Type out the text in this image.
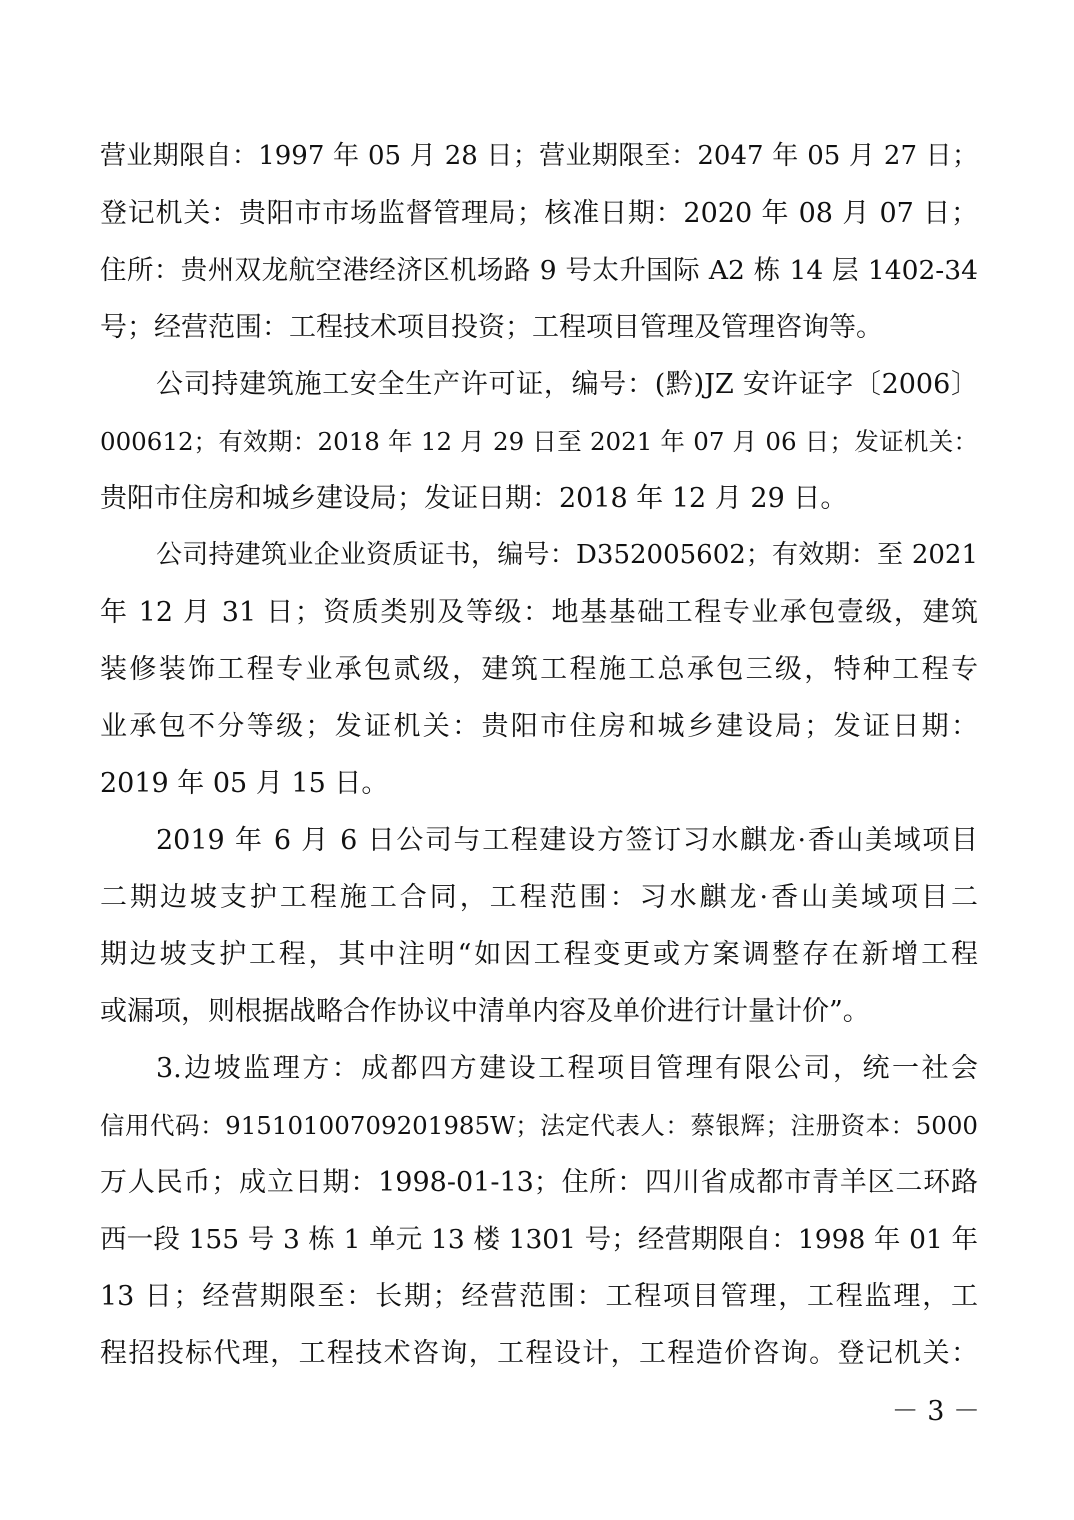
营业期限自：1997 年 05 月 28 日；营业期限至：2047 年 05 月 27 日；
登记机关：贵阳市市场监督管理局；核准日期：2020 年 08 月 07 日；
住所：贵州双龙航空港经济区机场路 9 号太升国际 A2 栋 14 层 1402-34
号；经营范围：工程技术项目投资；工程项目管理及管理咨询等。
公司持建筑施工安全生产许可证，编号：(黔)JZ 安许证字〔2006〕
000612；有效期：2018 年 12 月 29 日至 2021 年 07 月 06 日；发证机关：
贵阳市住房和城乡建设局；发证日期：2018 年 12 月 29 日。
公司持建筑业企业资质证书，编号：D352005602；有效期：至 2021
年 12 月 31 日；资质类别及等级：地基基础工程专业承包壹级，建筑
装修装饰工程专业承包贰级，建筑工程施工总承包三级，特种工程专
业承包不分等级；发证机关：贵阳市住房和城乡建设局；发证日期：
2019 年 05 月 15 日。
2019 年 6 月 6 日公司与工程建设方签订习水麒龙·香山美域项目
二期边坡支护工程施工合同，工程范围：习水麒龙·香山美域项目二
期边坡支护工程，其中注明“如因工程变更或方案调整存在新增工程
或漏项，则根据战略合作协议中清单内容及单价进行计量计价”。
3.边坡监理方：成都四方建设工程项目管理有限公司，统一社会
信用代码：91510100709201985W；法定代表人：蔡银辉；注册资本：5000
万人民币；成立日期：1998-01-13；住所：四川省成都市青羊区二环路
西一段 155 号 3 栋 1 单元 13 楼 1301 号；经营期限自：1998 年 01 年
13 日；经营期限至：长期；经营范围：工程项目管理，工程监理，工
程招投标代理，工程技术咨询，工程设计，工程造价咨询。登记机关：
－ 3 －
